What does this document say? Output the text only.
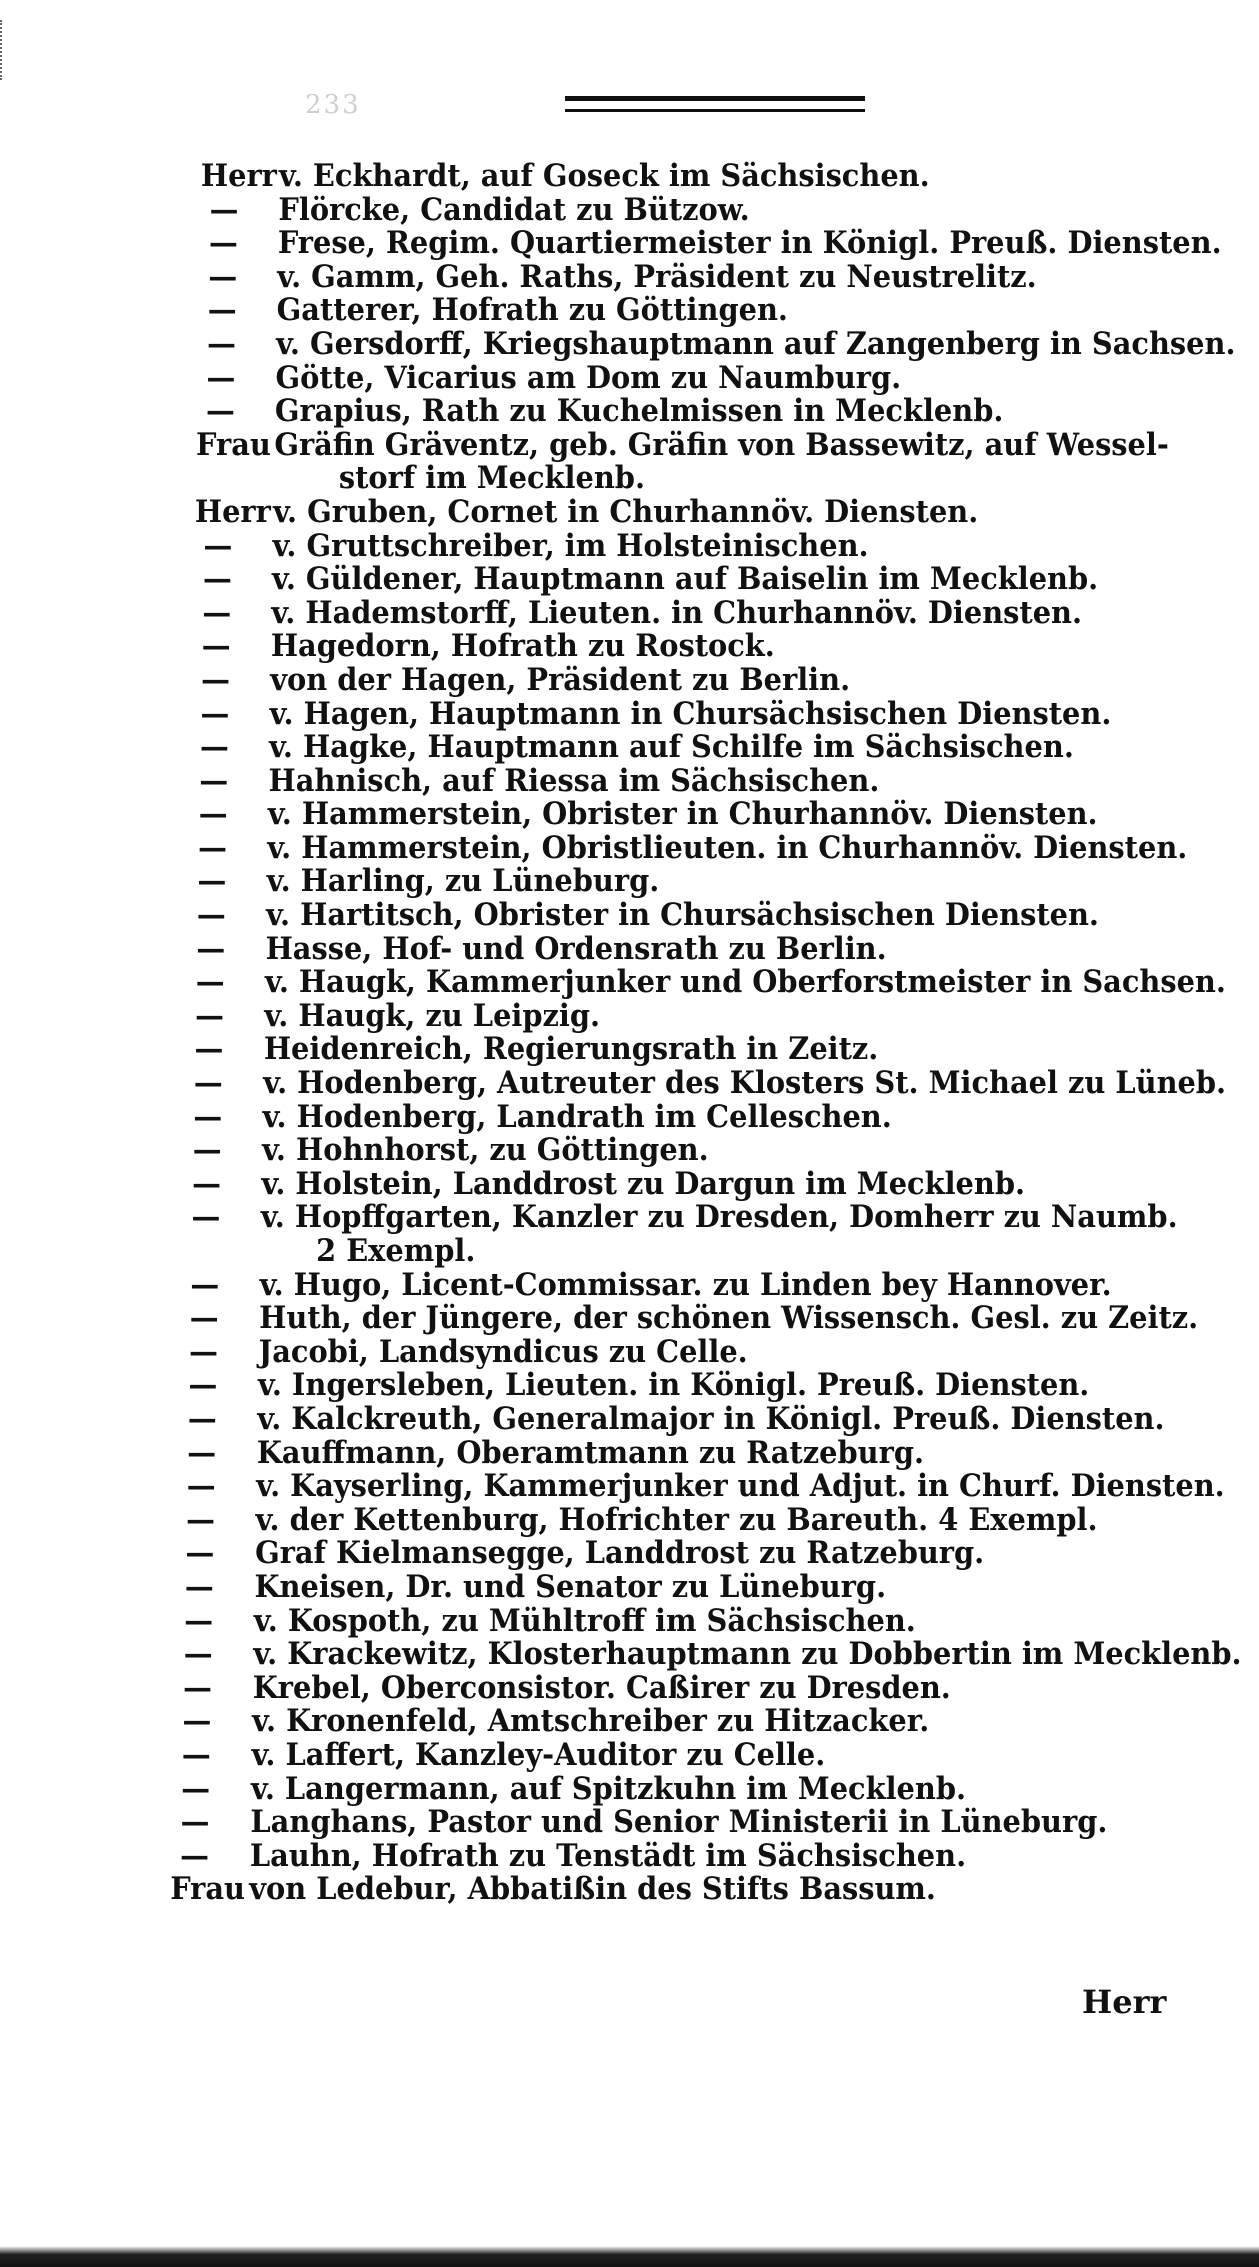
233
Herr v. Eckhardt, auf Goseck im Sächsischen.
— Flörcke, Candidat zu Bützow.
— Frese, Regim. Quartiermeister in Königl. Preuß. Diensten.
— v. Gamm, Geh. Raths, Präsident zu Neustrelitz.
— Gatterer, Hofrath zu Göttingen.
— v. Gersdorff, Kriegshauptmann auf Zangenberg in Sachsen.
— Götte, Vicarius am Dom zu Naumburg.
— Grapius, Rath zu Kuchelmissen in Mecklenb.
Frau Gräfin Gräventz, geb. Gräfin von Bassewitz, auf Wessel-
storf im Mecklenb.
Herr v. Gruben, Cornet in Churhannöv. Diensten.
— v. Gruttschreiber, im Holsteinischen.
— v. Güldener, Hauptmann auf Baiselin im Mecklenb.
— v. Hademstorff, Lieuten. in Churhannöv. Diensten.
— Hagedorn, Hofrath zu Rostock.
— von der Hagen, Präsident zu Berlin.
— v. Hagen, Hauptmann in Chursächsischen Diensten.
— v. Hagke, Hauptmann auf Schilfe im Sächsischen.
— Hahnisch, auf Riessa im Sächsischen.
— v. Hammerstein, Obrister in Churhannöv. Diensten.
— v. Hammerstein, Obristlieuten. in Churhannöv. Diensten.
— v. Harling, zu Lüneburg.
— v. Hartitsch, Obrister in Chursächsischen Diensten.
— Hasse, Hof- und Ordensrath zu Berlin.
— v. Haugk, Kammerjunker und Oberforstmeister in Sachsen.
— v. Haugk, zu Leipzig.
— Heidenreich, Regierungsrath in Zeitz.
— v. Hodenberg, Autreuter des Klosters St. Michael zu Lüneb.
— v. Hodenberg, Landrath im Celleschen.
— v. Hohnhorst, zu Göttingen.
— v. Holstein, Landdrost zu Dargun im Mecklenb.
— v. Hopffgarten, Kanzler zu Dresden, Domherr zu Naumb.
2 Exempl.
— v. Hugo, Licent-Commissar. zu Linden bey Hannover.
— Huth, der Jüngere, der schönen Wissensch. Gesl. zu Zeitz.
— Jacobi, Landsyndicus zu Celle.
— v. Ingersleben, Lieuten. in Königl. Preuß. Diensten.
— v. Kalckreuth, Generalmajor in Königl. Preuß. Diensten.
— Kauffmann, Oberamtmann zu Ratzeburg.
— v. Kayserling, Kammerjunker und Adjut. in Churf. Diensten.
— v. der Kettenburg, Hofrichter zu Bareuth. 4 Exempl.
— Graf Kielmansegge, Landdrost zu Ratzeburg.
— Kneisen, Dr. und Senator zu Lüneburg.
— v. Kospoth, zu Mühltroff im Sächsischen.
— v. Krackewitz, Klosterhauptmann zu Dobbertin im Mecklenb.
— Krebel, Oberconsistor. Caßirer zu Dresden.
— v. Kronenfeld, Amtschreiber zu Hitzacker.
— v. Laffert, Kanzley-Auditor zu Celle.
— v. Langermann, auf Spitzkuhn im Mecklenb.
— Langhans, Pastor und Senior Ministerii in Lüneburg.
— Lauhn, Hofrath zu Tenstädt im Sächsischen.
Frau von Ledebur, Abbatißin des Stifts Bassum.
Herr
